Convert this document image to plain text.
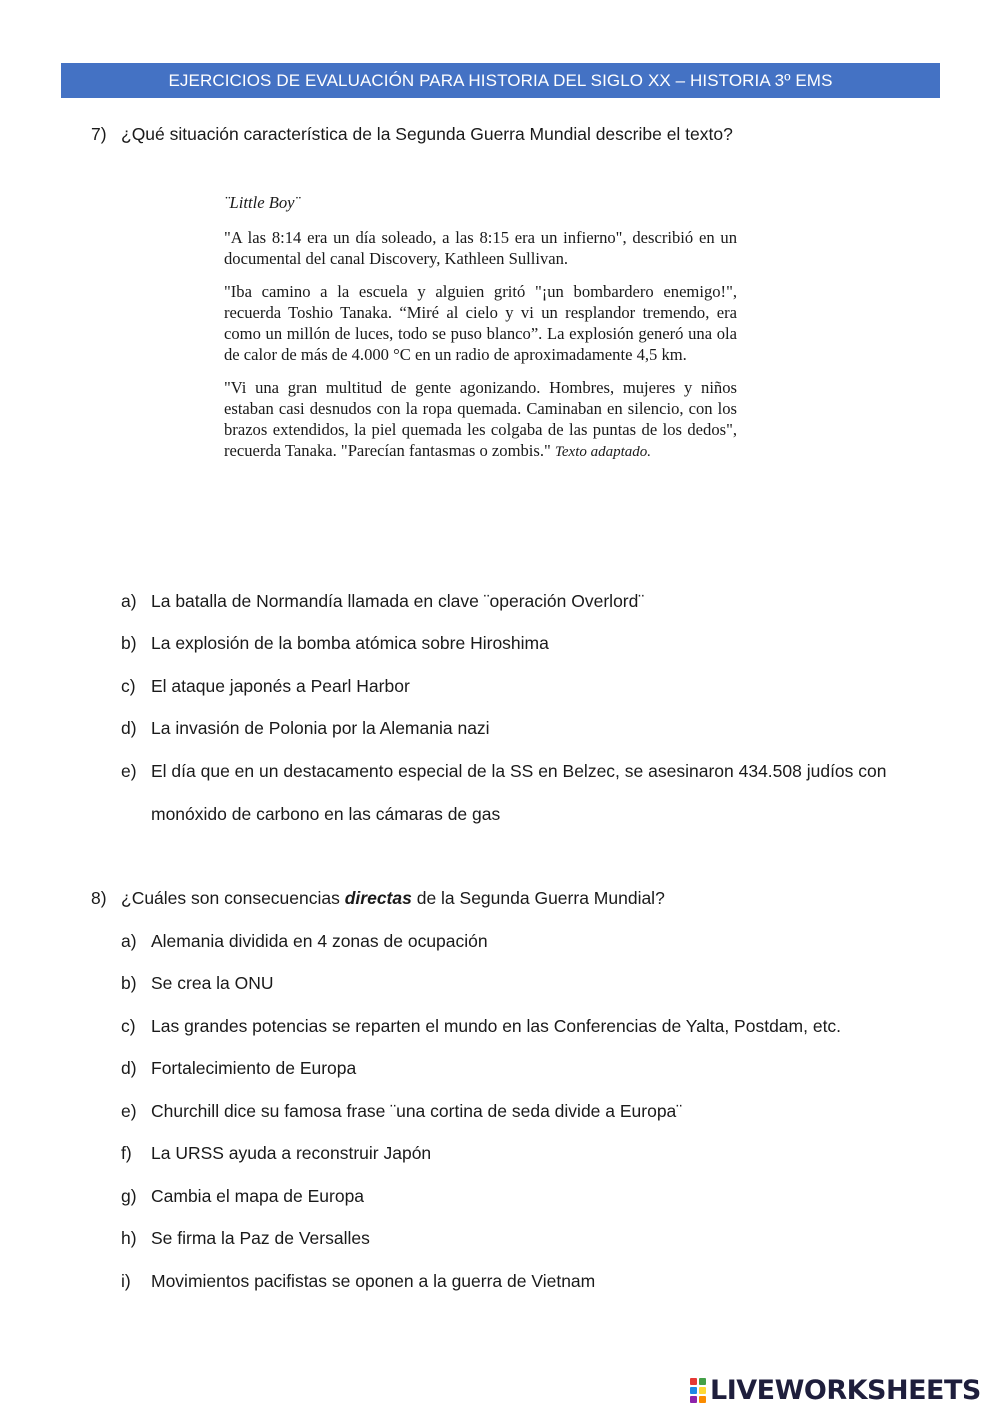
EJERCICIOS DE EVALUACIÓN PARA HISTORIA DEL SIGLO XX – HISTORIA 3º EMS
7) ¿Qué situación característica de la Segunda Guerra Mundial describe el texto?
¨Little Boy¨

"A las 8:14 era un día soleado, a las 8:15 era un infierno", describió en un documental del canal Discovery, Kathleen Sullivan.

"Iba camino a la escuela y alguien gritó "¡un bombardero enemigo!", recuerda Toshio Tanaka. “Miré al cielo y vi un resplandor tremendo, era como un millón de luces, todo se puso blanco”. La explosión generó una ola de calor de más de 4.000 °C en un radio de aproximadamente 4,5 km.

"Vi una gran multitud de gente agonizando. Hombres, mujeres y niños estaban casi desnudos con la ropa quemada. Caminaban en silencio, con los brazos extendidos, la piel quemada les colgaba de las puntas de los dedos", recuerda Tanaka. "Parecían fantasmas o zombis." Texto adaptado.

a) La batalla de Normandía llamada en clave ¨operación Overlord¨
b) La explosión de la bomba atómica sobre Hiroshima
c) El ataque japonés a Pearl Harbor
d) La invasión de Polonia por la Alemania nazi
e) El día que en un destacamento especial de la SS en Belzec, se asesinaron 434.508 judíos con monóxido de carbono en las cámaras de gas
8) ¿Cuáles son consecuencias directas de la Segunda Guerra Mundial?
a) Alemania dividida en 4 zonas de ocupación
b) Se crea la ONU
c) Las grandes potencias se reparten el mundo en las Conferencias de Yalta, Postdam, etc.
d) Fortalecimiento de Europa
e) Churchill dice su famosa frase ¨una cortina de seda divide a Europa¨
f)	La URSS ayuda a reconstruir Japón
g) Cambia el mapa de Europa
h) Se firma la Paz de Versalles
i)	Movimientos pacifistas se oponen a la guerra de Vietnam
LIVEWORKSHEETS
